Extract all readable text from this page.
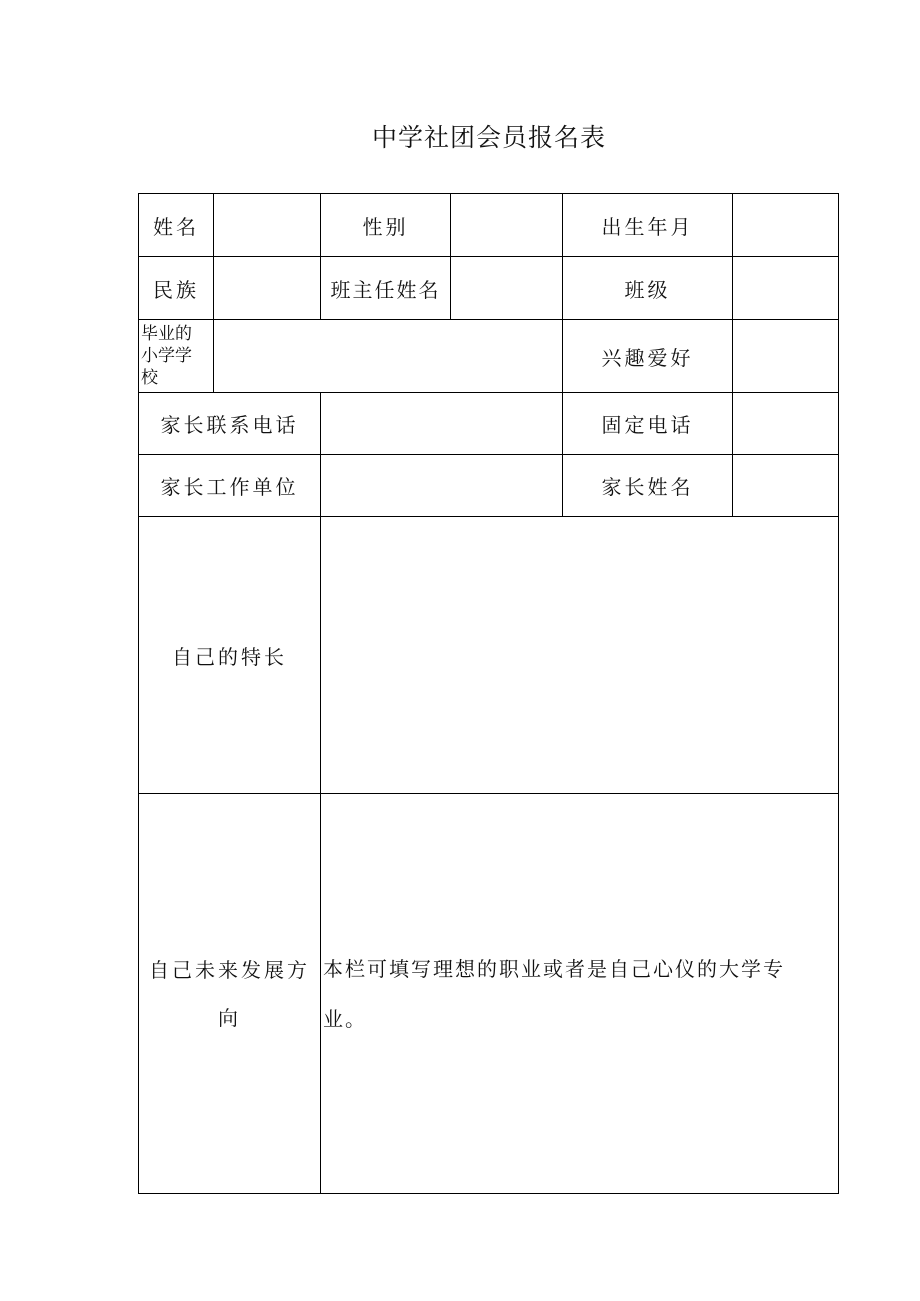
中学社团会员报名表
姓名		性别		出生年月	
民族		班主任姓名		班级	

毕业的小学学校				兴趣爱好	
家长联系电话				固定电话	
家长工作单位				家长姓名	
自己的特长					
自己未来发展方向		本栏可填写理想的职业或者是自己心仪的大学专业。			
